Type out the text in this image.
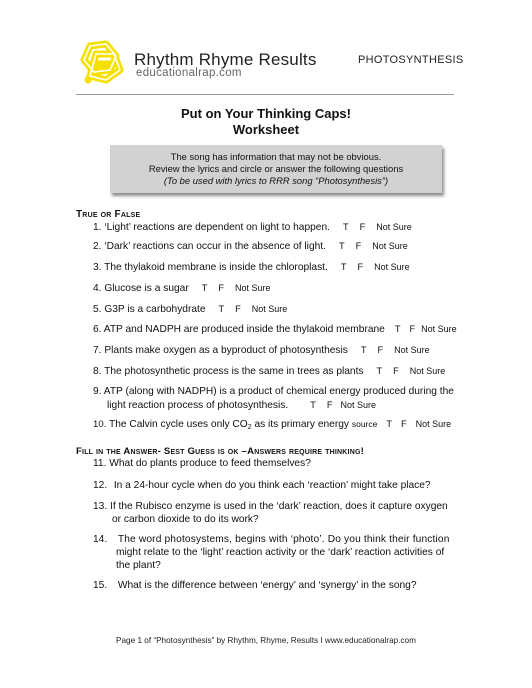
Rhythm Rhyme Results
educationalrap.com
PHOTOSYNTHESIS
Put on Your Thinking Caps!
Worksheet
The song has information that may not be obvious.
Review the lyrics and circle or answer the following questions
(To be used with lyrics to RRR song “Photosynthesis”)
True or False
1. ‘Light’ reactions are dependent on light to happen. T F Not Sure
2. ‘Dark’ reactions can occur in the absence of light. T F Not Sure
3. The thylakoid membrane is inside the chloroplast. T F Not Sure
4. Glucose is a sugar T F Not Sure
5. G3P is a carbohydrate T F Not Sure
6. ATP and NADPH are produced inside the thylakoid membrane T F Not Sure
7. Plants make oxygen as a byproduct of photosynthesis T F Not Sure
8. The photosynthetic process is the same in trees as plants T F Not Sure
9. ATP (along with NADPH) is a product of chemical energy produced during the
light reaction process of photosynthesis. T F Not Sure
10. The Calvin cycle uses only $CO_2$ as its primary energy source T F Not Sure
Fill in the Answer- Sest Guess is ok –Answers require thinking!
11. What do plants produce to feed themselves?
12. In a 24-hour cycle when do you think each ‘reaction’ might take place?
13. If the Rubisco enzyme is used in the ‘dark’ reaction, does it capture oxygen
or carbon dioxide to do its work?
14. The word photosystems, begins with ‘photo’. Do you think their function
might relate to the ‘light’ reaction activity or the ‘dark’ reaction activities of
the plant?
15. What is the difference between ‘energy’ and ‘synergy’ in the song?
Page 1 of “Photosynthesis” by Rhythm, Rhyme, Results I www.educationalrap.com
